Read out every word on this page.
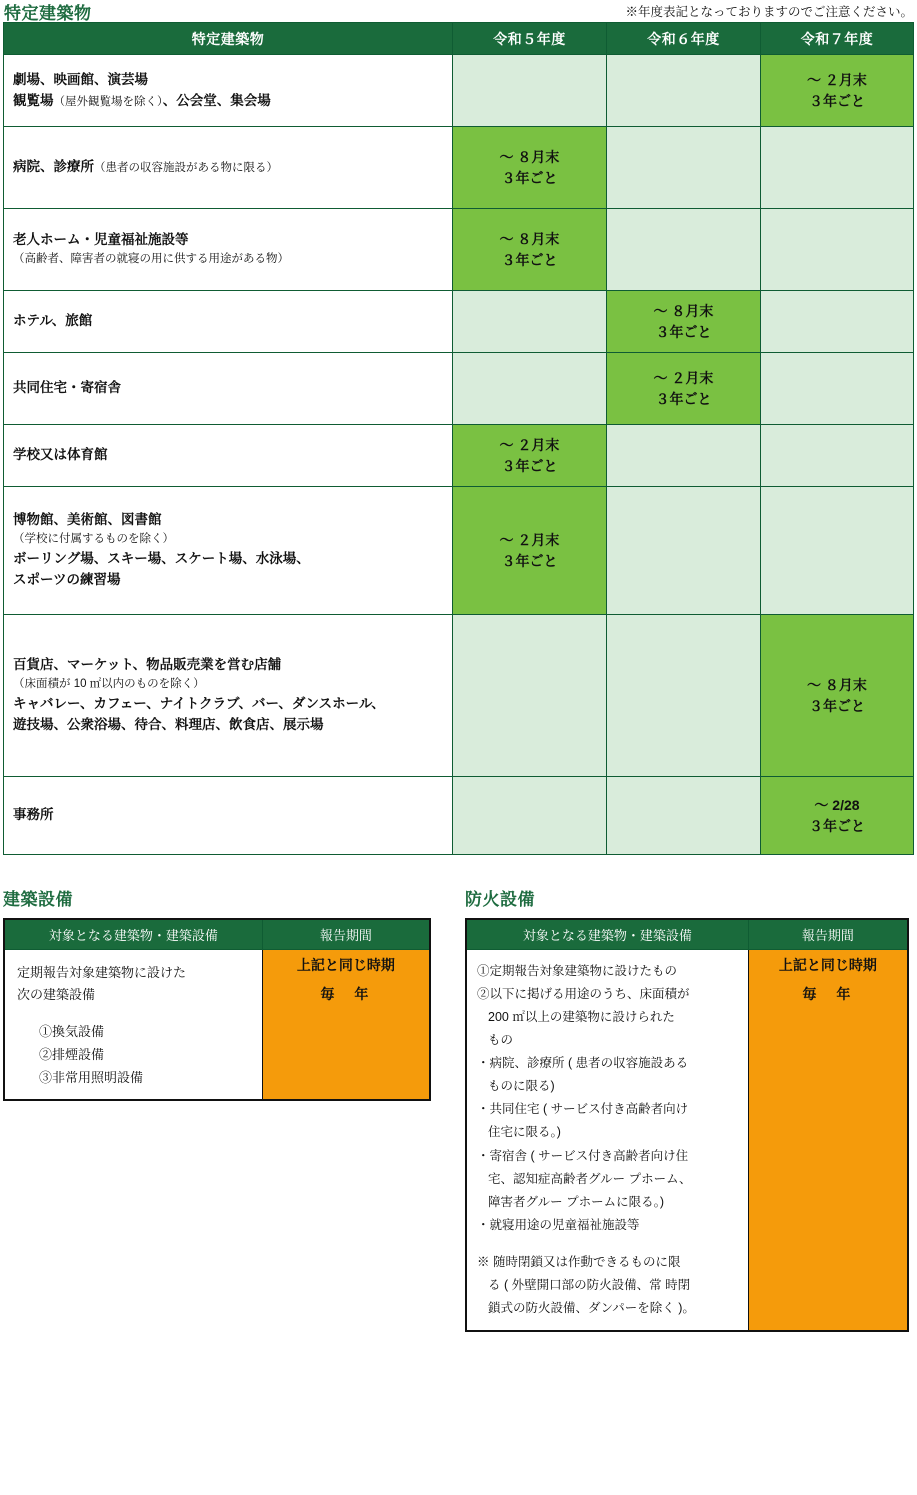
特定建築物	※年度表記となっておりますのでご注意ください。
特定建築物	令和５年度	令和６年度	令和７年度

劇場、映画館、演芸場
観覧場（屋外観覧場を除く）、公会堂、集会場			〜 ２月末
３年ごと

病院、診療所（患者の収容施設がある物に限る）	〜 ８月末
３年ごと		

老人ホーム・児童福祉施設等
（高齢者、障害者の就寝の用に供する用途がある物）	〜 ８月末
３年ごと		

ホテル、旅館		〜 ８月末
３年ごと	

共同住宅・寄宿舎		〜 ２月末
３年ごと	

学校又は体育館	〜 ２月末
３年ごと		

博物館、美術館、図書館
（学校に付属するものを除く）
ボーリング場、スキー場、スケート場、水泳場、
スポーツの練習場	〜 ２月末
３年ごと		

百貨店、マーケット、物品販売業を営む店舗
（床面積が 10 ㎡以内のものを除く）
キャバレー、カフェー、ナイトクラブ、バー、ダンスホール、
遊技場、公衆浴場、待合、料理店、飲食店、展示場			〜 ８月末
３年ごと

事務所			〜 2/28
３年ごと
建築設備
対象となる建築物・建築設備	報告期間

定期報告対象建築物に設けた
次の建築設備
①換気設備
②排煙設備
③非常用照明設備	上記と同じ時期
毎　年
防火設備
対象となる建築物・建築設備	報告期間

①定期報告対象建築物に設けたもの
②以下に掲げる用途のうち、床面積が
200 ㎡以上の建築物に設けられた
もの
・病院、診療所 ( 患者の収容施設ある
ものに限る)
・共同住宅 ( サービス付き高齢者向け
住宅に限る。)
・寄宿舎 ( サービス付き高齢者向け住
宅、認知症高齢者グルー プホーム、
障害者グルー プホームに限る。)
・就寝用途の児童福祉施設等
※ 随時閉鎖又は作動できるものに限
る ( 外壁開口部の防火設備、常 時閉
鎖式の防火設備、ダンパーを除く )。
	上記と同じ時期
毎　年
